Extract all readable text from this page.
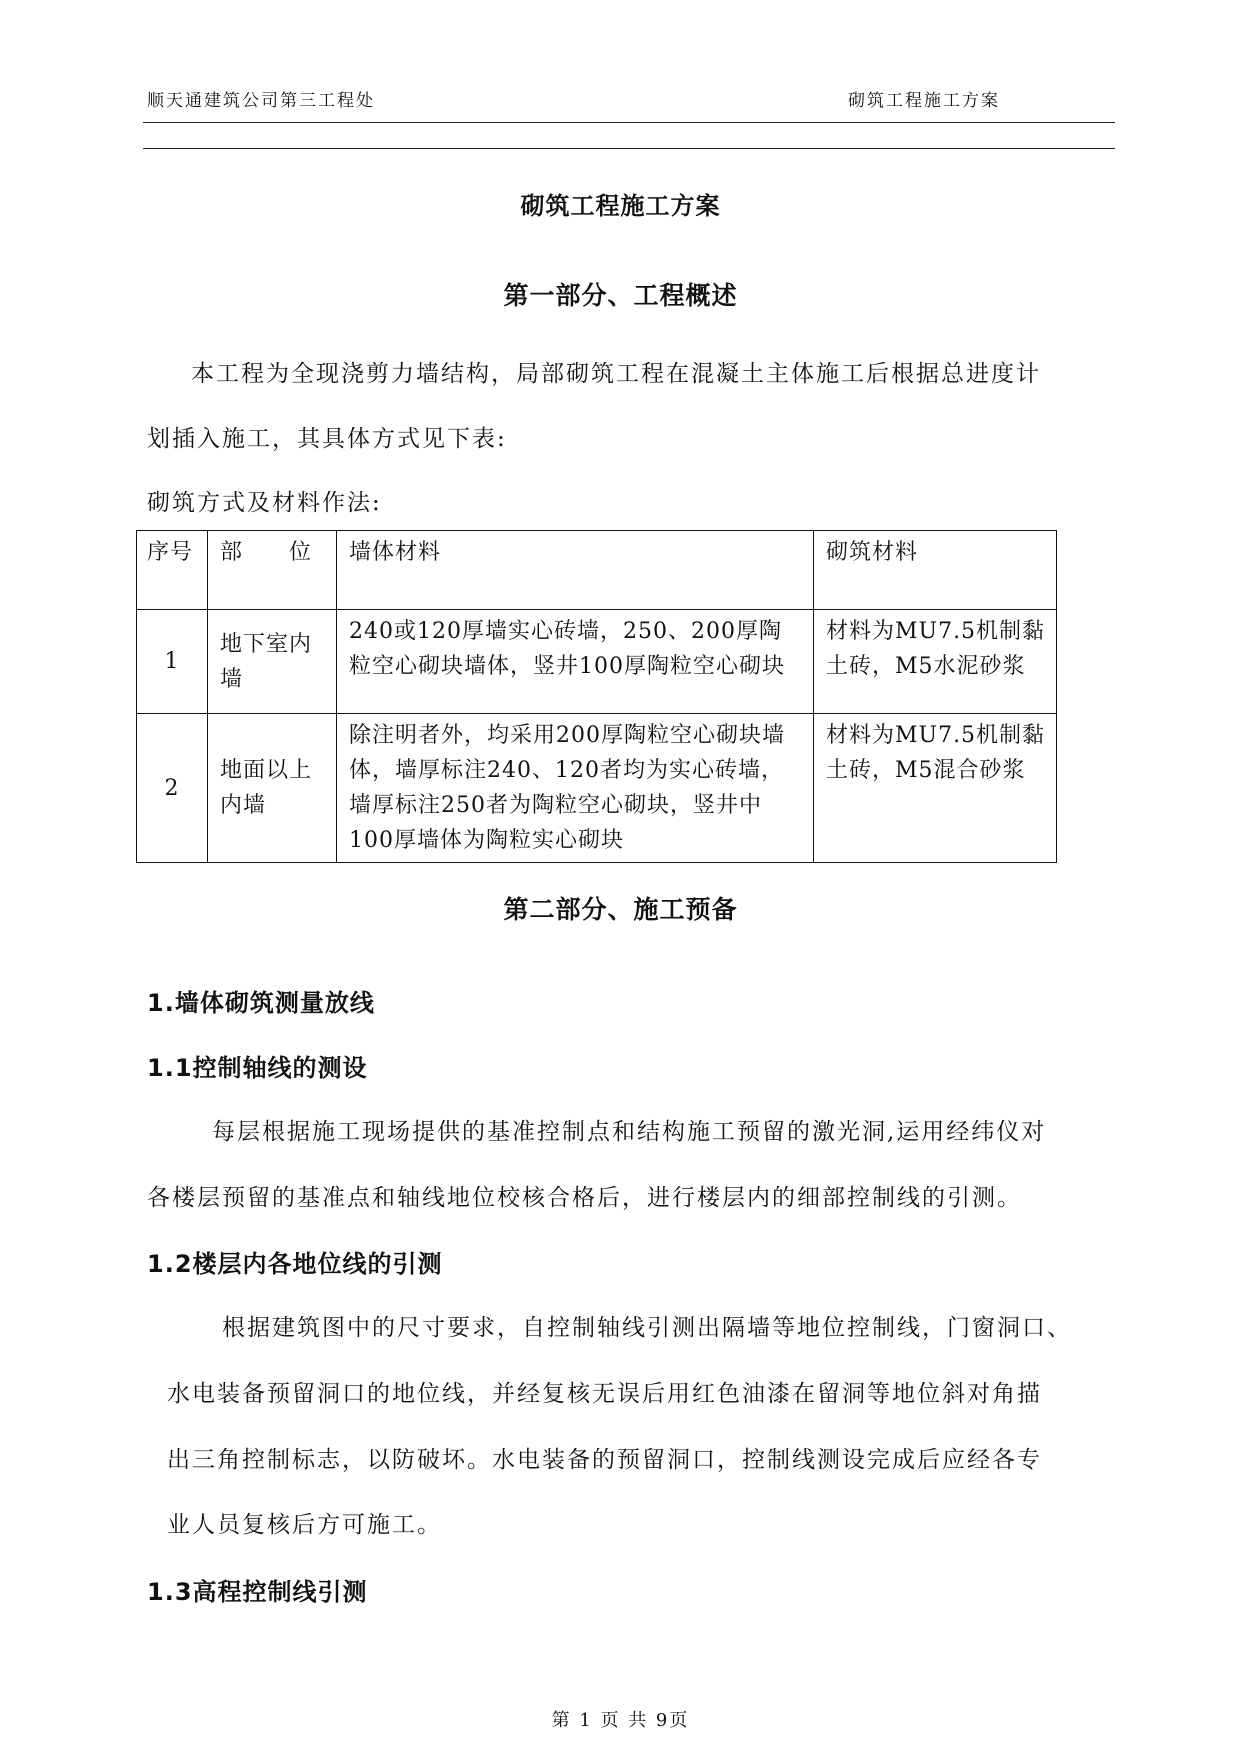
顺天通建筑公司第三工程处	砌筑工程施工方案
砌筑工程施工方案
第一部分、工程概述

本工程为全现浇剪力墙结构，局部砌筑工程在混凝土主体施工后根据总进度计

划插入施工，其具体方式见下表:

砌筑方式及材料作法:

序号	部　　位	墙体材料	砌筑材料
1	地下室内墙	240或120厚墙实心砖墙，250、200厚陶粒空心砌块墙体，竖井100厚陶粒空心砌块	材料为MU7.5机制黏土砖，M5水泥砂浆
2	地面以上内墙	除注明者外，均采用200厚陶粒空心砌块墙体，墙厚标注240、120者均为实心砖墙，墙厚标注250者为陶粒空心砌块，竖井中100厚墙体为陶粒实心砌块	材料为MU7.5机制黏土砖，M5混合砂浆
第二部分、施工预备

1.墙体砌筑测量放线

1.1控制轴线的测设

每层根据施工现场提供的基准控制点和结构施工预留的激光洞,运用经纬仪对

各楼层预留的基准点和轴线地位校核合格后，进行楼层内的细部控制线的引测。

1.2楼层内各地位线的引测

根据建筑图中的尺寸要求，自控制轴线引测出隔墙等地位控制线，门窗洞口、

水电装备预留洞口的地位线，并经复核无误后用红色油漆在留洞等地位斜对角描

出三角控制标志，以防破坏。水电装备的预留洞口，控制线测设完成后应经各专

业人员复核后方可施工。

1.3高程控制线引测

第 1 页 共 9页
